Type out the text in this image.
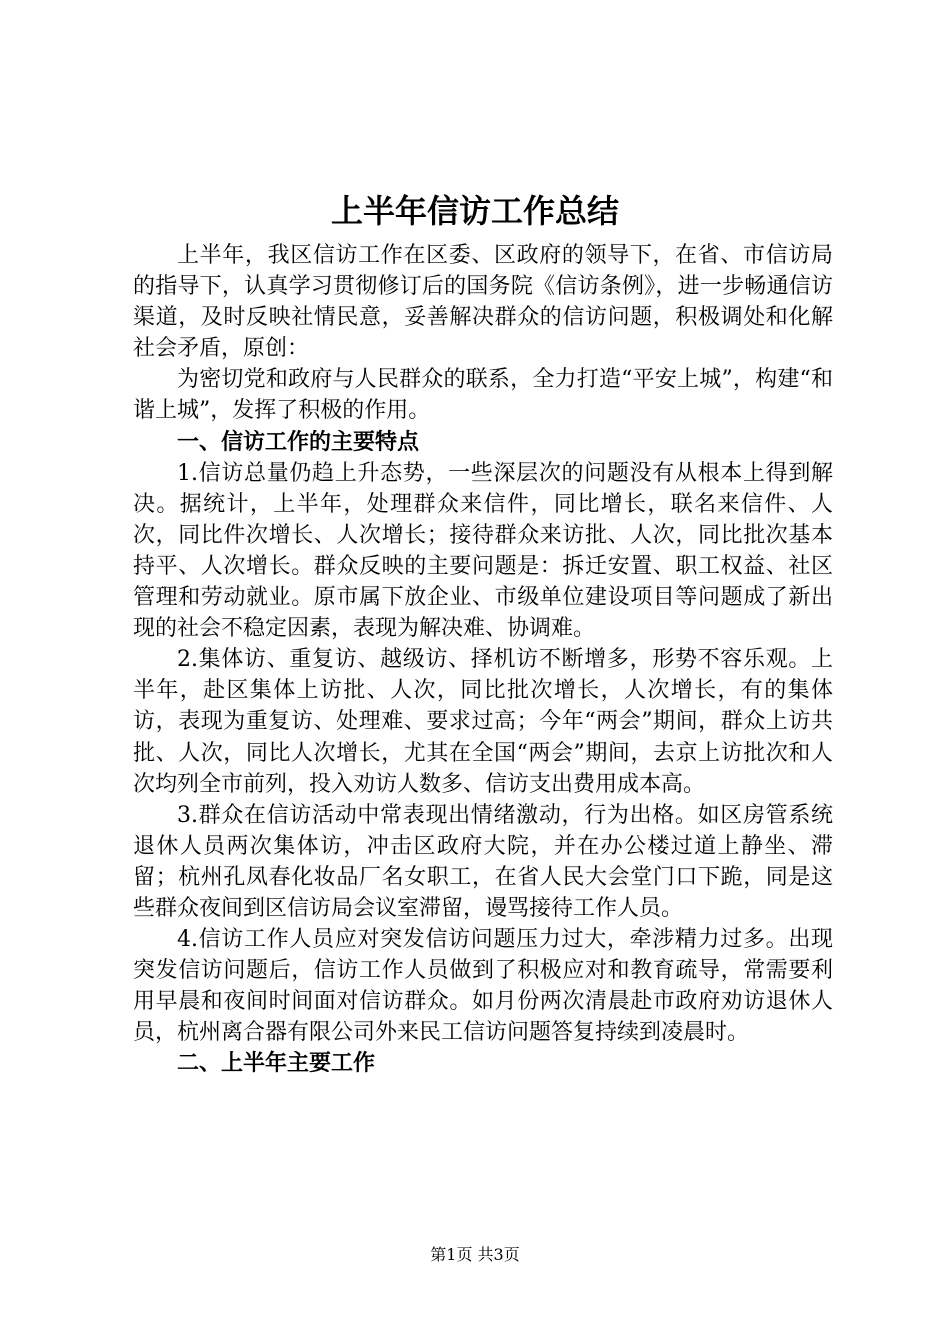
上半年信访工作总结

上半年，我区信访工作在区委、区政府的领导下，在省、市信访局的指导下，认真学习贯彻修订后的国务院《信访条例》，进一步畅通信访渠道，及时反映社情民意，妥善解决群众的信访问题，积极调处和化解社会矛盾，原创：

为密切党和政府与人民群众的联系，全力打造“平安上城”，构建“和谐上城”，发挥了积极的作用。

一、信访工作的主要特点

1.信访总量仍趋上升态势，一些深层次的问题没有从根本上得到解决。据统计，上半年，处理群众来信件，同比增长，联名来信件、人次，同比件次增长、人次增长；接待群众来访批、人次，同比批次基本持平、人次增长。群众反映的主要问题是：拆迁安置、职工权益、社区管理和劳动就业。原市属下放企业、市级单位建设项目等问题成了新出现的社会不稳定因素，表现为解决难、协调难。

2.集体访、重复访、越级访、择机访不断增多，形势不容乐观。上半年，赴区集体上访批、人次，同比批次增长，人次增长，有的集体访，表现为重复访、处理难、要求过高；今年“两会”期间，群众上访共批、人次，同比人次增长，尤其在全国“两会”期间，去京上访批次和人次均列全市前列，投入劝访人数多、信访支出费用成本高。

3.群众在信访活动中常表现出情绪激动，行为出格。如区房管系统退休人员两次集体访，冲击区政府大院，并在办公楼过道上静坐、滞留；杭州孔凤春化妆品厂名女职工，在省人民大会堂门口下跪，同是这些群众夜间到区信访局会议室滞留，谩骂接待工作人员。

4.信访工作人员应对突发信访问题压力过大，牵涉精力过多。出现突发信访问题后，信访工作人员做到了积极应对和教育疏导，常需要利用早晨和夜间时间面对信访群众。如月份两次清晨赴市政府劝访退休人员，杭州离合器有限公司外来民工信访问题答复持续到凌晨时。

二、上半年主要工作

第1页 共3页
